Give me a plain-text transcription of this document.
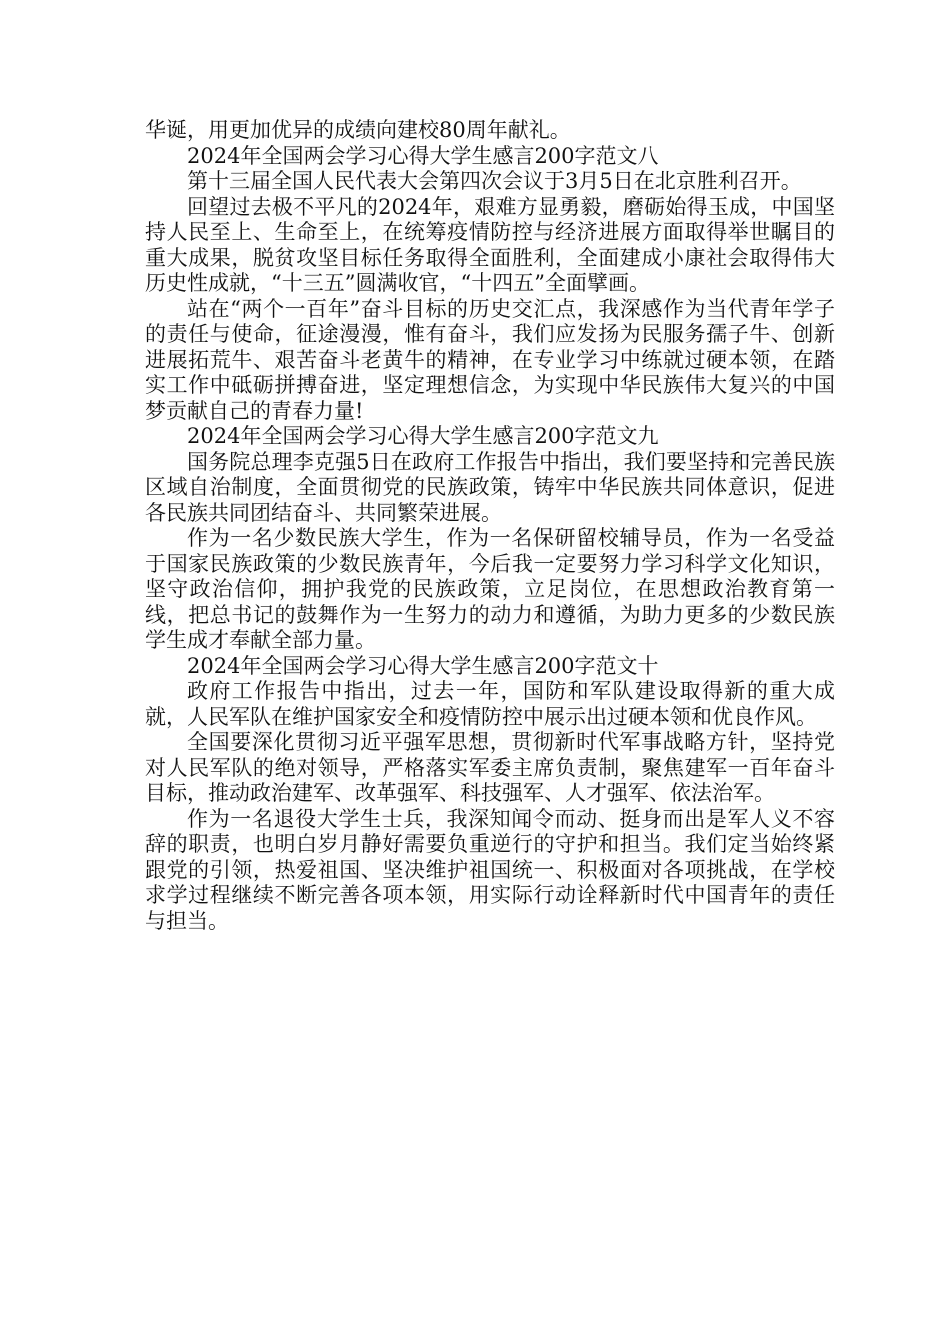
华诞，用更加优异的成绩向建校80周年献礼。

2024年全国两会学习心得大学生感言200字范文八

第十三届全国人民代表大会第四次会议于3月5日在北京胜利召开。

回望过去极不平凡的2024年，艰难方显勇毅，磨砺始得玉成，中国坚持人民至上、生命至上，在统筹疫情防控与经济进展方面取得举世瞩目的重大成果，脱贫攻坚目标任务取得全面胜利，全面建成小康社会取得伟大历史性成就，“十三五”圆满收官，“十四五”全面擘画。

站在“两个一百年”奋斗目标的历史交汇点，我深感作为当代青年学子的责任与使命，征途漫漫，惟有奋斗，我们应发扬为民服务孺子牛、创新进展拓荒牛、艰苦奋斗老黄牛的精神，在专业学习中练就过硬本领，在踏实工作中砥砺拼搏奋进，坚定理想信念，为实现中华民族伟大复兴的中国梦贡献自己的青春力量!

2024年全国两会学习心得大学生感言200字范文九

国务院总理李克强5日在政府工作报告中指出，我们要坚持和完善民族区域自治制度，全面贯彻党的民族政策，铸牢中华民族共同体意识，促进各民族共同团结奋斗、共同繁荣进展。

作为一名少数民族大学生，作为一名保研留校辅导员，作为一名受益于国家民族政策的少数民族青年，今后我一定要努力学习科学文化知识，坚守政治信仰，拥护我党的民族政策，立足岗位，在思想政治教育第一线，把总书记的鼓舞作为一生努力的动力和遵循，为助力更多的少数民族学生成才奉献全部力量。

2024年全国两会学习心得大学生感言200字范文十

政府工作报告中指出，过去一年，国防和军队建设取得新的重大成就，人民军队在维护国家安全和疫情防控中展示出过硬本领和优良作风。

全国要深化贯彻习近平强军思想，贯彻新时代军事战略方针，坚持党对人民军队的绝对领导，严格落实军委主席负责制，聚焦建军一百年奋斗目标，推动政治建军、改革强军、科技强军、人才强军、依法治军。

作为一名退役大学生士兵，我深知闻令而动、挺身而出是军人义不容辞的职责，也明白岁月静好需要负重逆行的守护和担当。我们定当始终紧跟党的引领，热爱祖国、坚决维护祖国统一、积极面对各项挑战，在学校求学过程继续不断完善各项本领，用实际行动诠释新时代中国青年的责任与担当。
